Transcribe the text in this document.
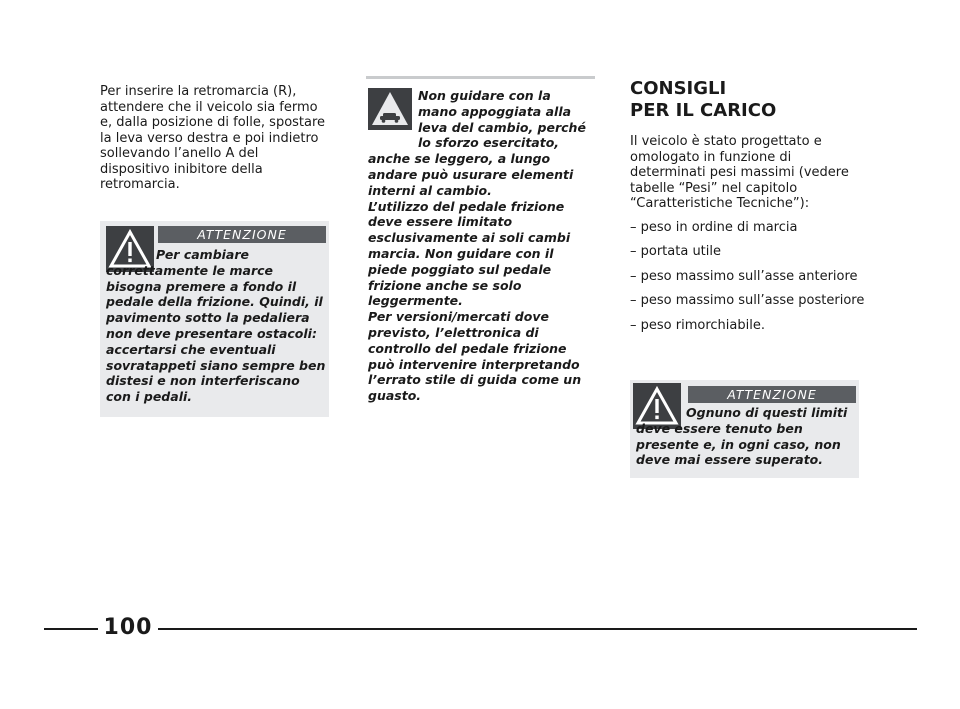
Per inserire la retromarcia (R), attendere che il veicolo sia fermo e, dalla posizione di folle, spostare la leva verso destra e poi indietro sollevando l’anello A del dispositivo inibitore della retromarcia.
ATTENZIONE
Per cambiare correttamente le marce bisogna premere a fondo il pedale della frizione. Quindi, il pavimento sotto la pedaliera non deve presentare ostacoli: accertarsi che eventuali sovratappeti siano sempre ben distesi e non interferiscano con i pedali.
Non guidare con la mano appoggiata alla leva del cambio, perché lo sforzo esercitato, anche se leggero, a lungo andare può usurare elementi interni al cambio.
L’utilizzo del pedale frizione deve essere limitato esclusivamente ai soli cambi marcia. Non guidare con il piede poggiato sul pedale frizione anche se solo leggermente.
Per versioni/mercati dove previsto, l’elettronica di controllo del pedale frizione può intervenire interpretando l’errato stile di guida come un guasto.
CONSIGLI
PER IL CARICO

Il veicolo è stato progettato e omologato in funzione di determinati pesi massimi (vedere tabelle “Pesi” nel capitolo “Caratteristiche Tecniche”):

– peso in ordine di marcia
– portata utile
– peso massimo sull’asse anteriore
– peso massimo sull’asse posteriore
– peso rimorchiabile.
ATTENZIONE
Ognuno di questi limiti deve essere tenuto ben presente e, in ogni caso, non deve mai essere superato.
100
